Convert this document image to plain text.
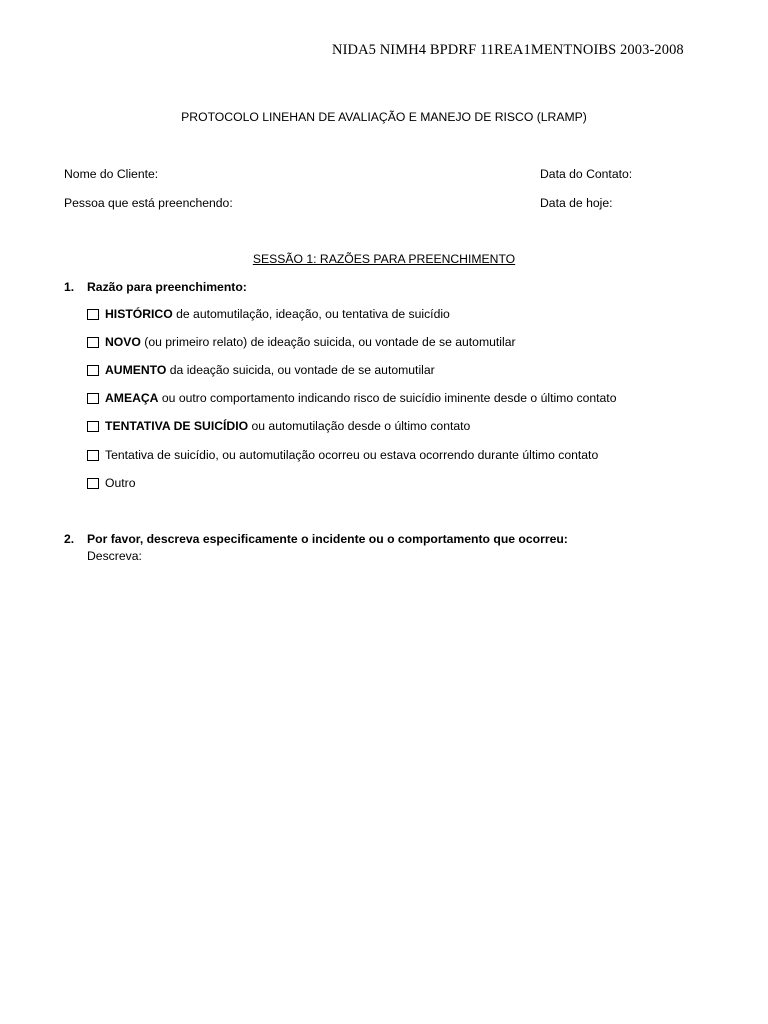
NIDA5 NIMH4 BPDRF 11REA1MENTNOIBS 2003-2008
PROTOCOLO LINEHAN DE AVALIAÇÃO E MANEJO DE RISCO (LRAMP)
Nome do Cliente:	Data do Contato:
Pessoa que está preenchendo:	Data de hoje:
SESSÃO 1: RAZÕES PARA PREENCHIMENTO
1. Razão para preenchimento:
HISTÓRICO de automutilação, ideação, ou tentativa de suicídio
NOVO (ou primeiro relato) de ideação suicida, ou vontade de se automutilar
AUMENTO da ideação suicida, ou vontade de se automutilar
AMEAÇA ou outro comportamento indicando risco de suicídio iminente desde o último contato
TENTATIVA DE SUICÍDIO ou automutilação desde o último contato
Tentativa de suicídio, ou automutilação ocorreu ou estava ocorrendo durante último contato
Outro
2. Por favor, descreva especificamente o incidente ou o comportamento que ocorreu:
Descreva:
